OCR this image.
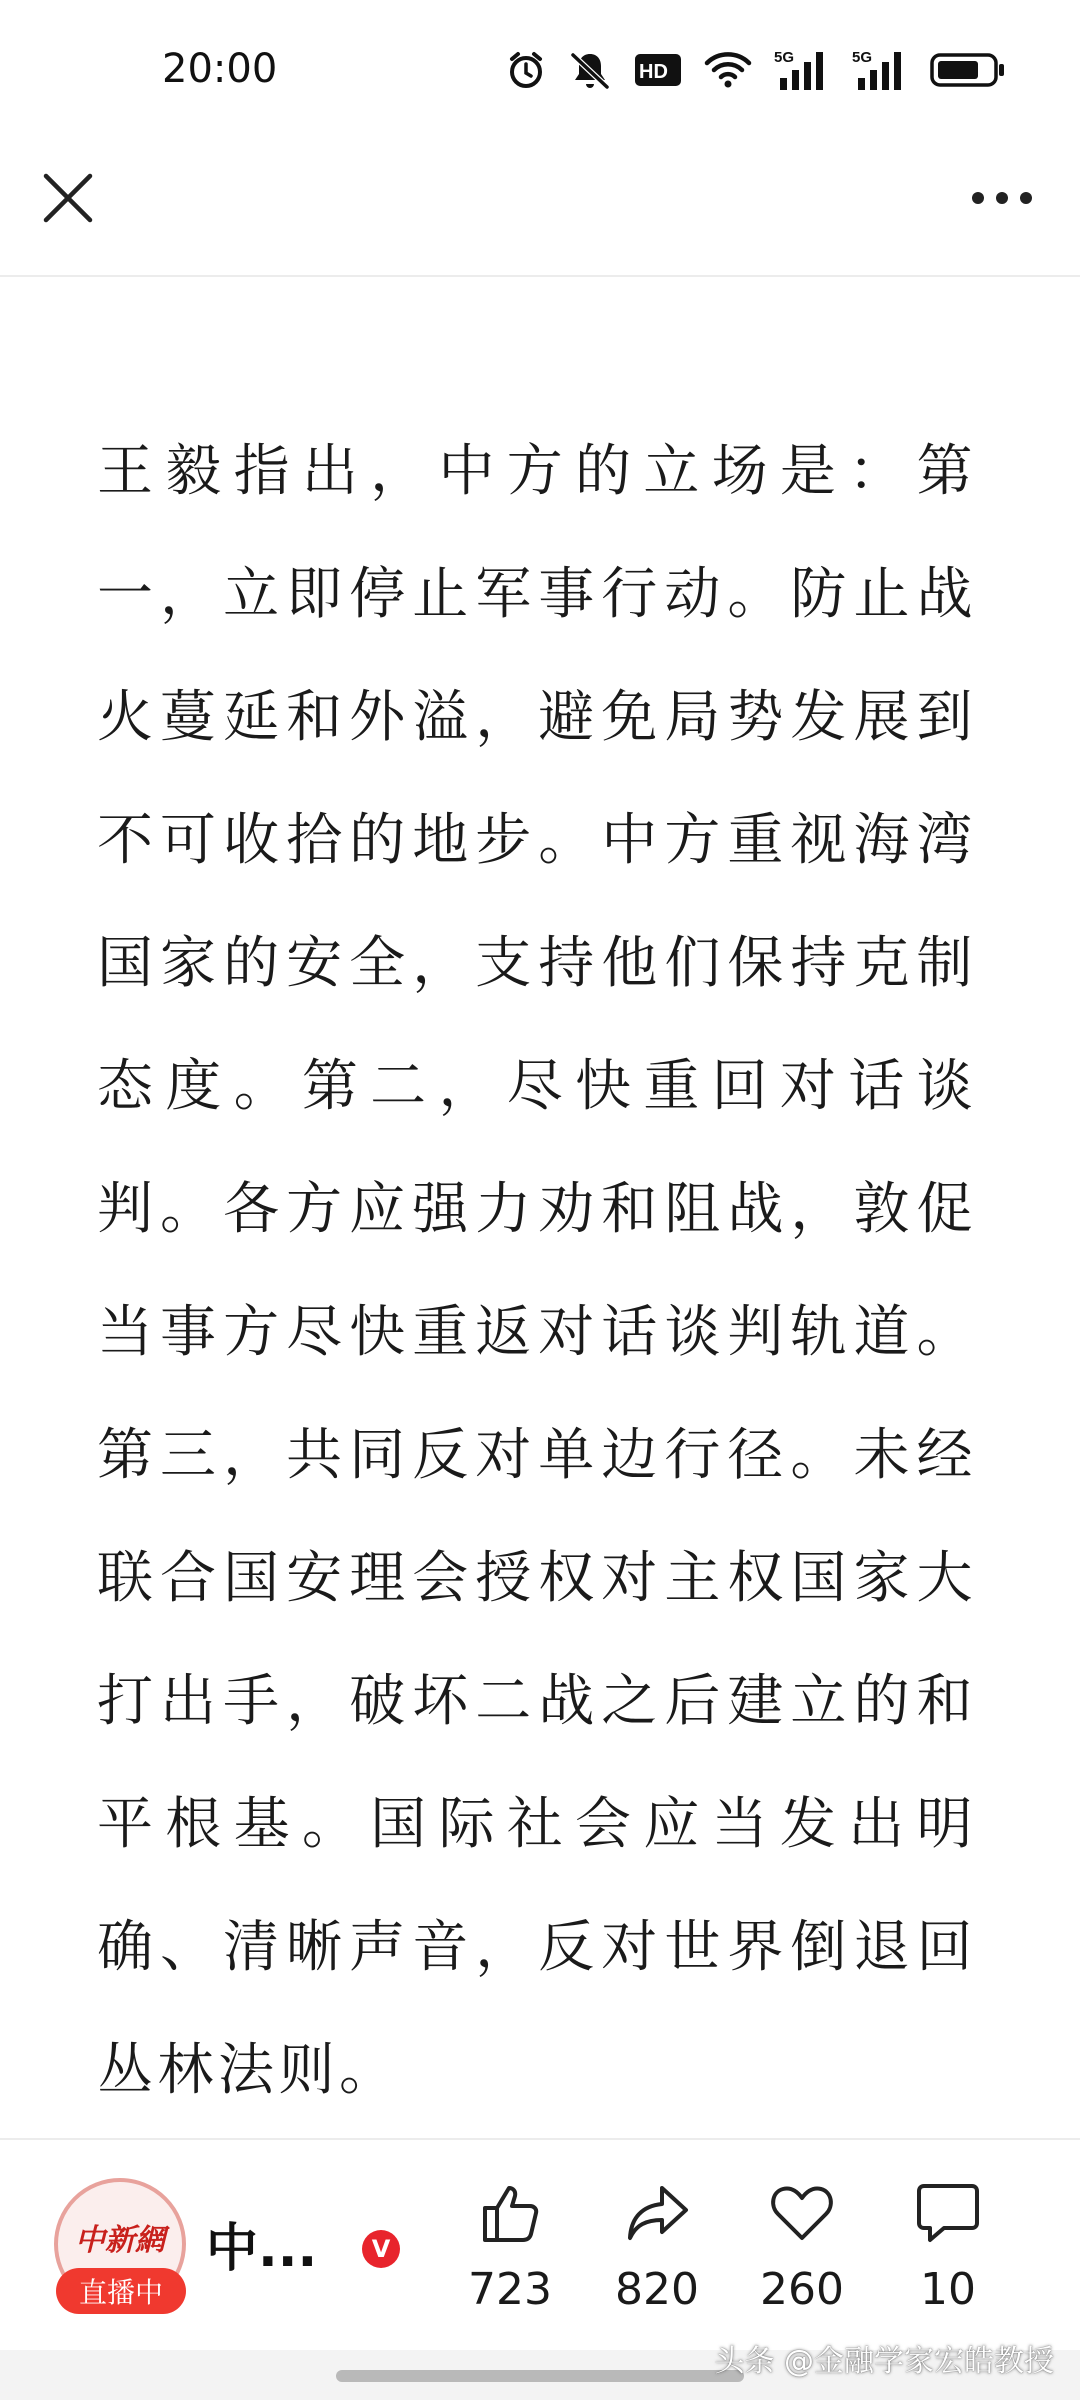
20:00	HD
5G	5G

王毅指出，中方的立场是：第一，立即停止军事行动。防止战火蔓延和外溢，避免局势发展到不可收拾的地步。中方重视海湾国家的安全，支持他们保持克制态度。第二，尽快重回对话谈判。各方应强力劝和阻战，敦促当事方尽快重返对话谈判轨道。第三，共同反对单边行径。未经联合国安理会授权对主权国家大打出手，破坏二战之后建立的和平根基。国际社会应当发出明确、清晰声音，反对世界倒退回丛林法则。

中新網
直播中
中...	V
723	820	260	10
头条 @金融学家宏皓教授
